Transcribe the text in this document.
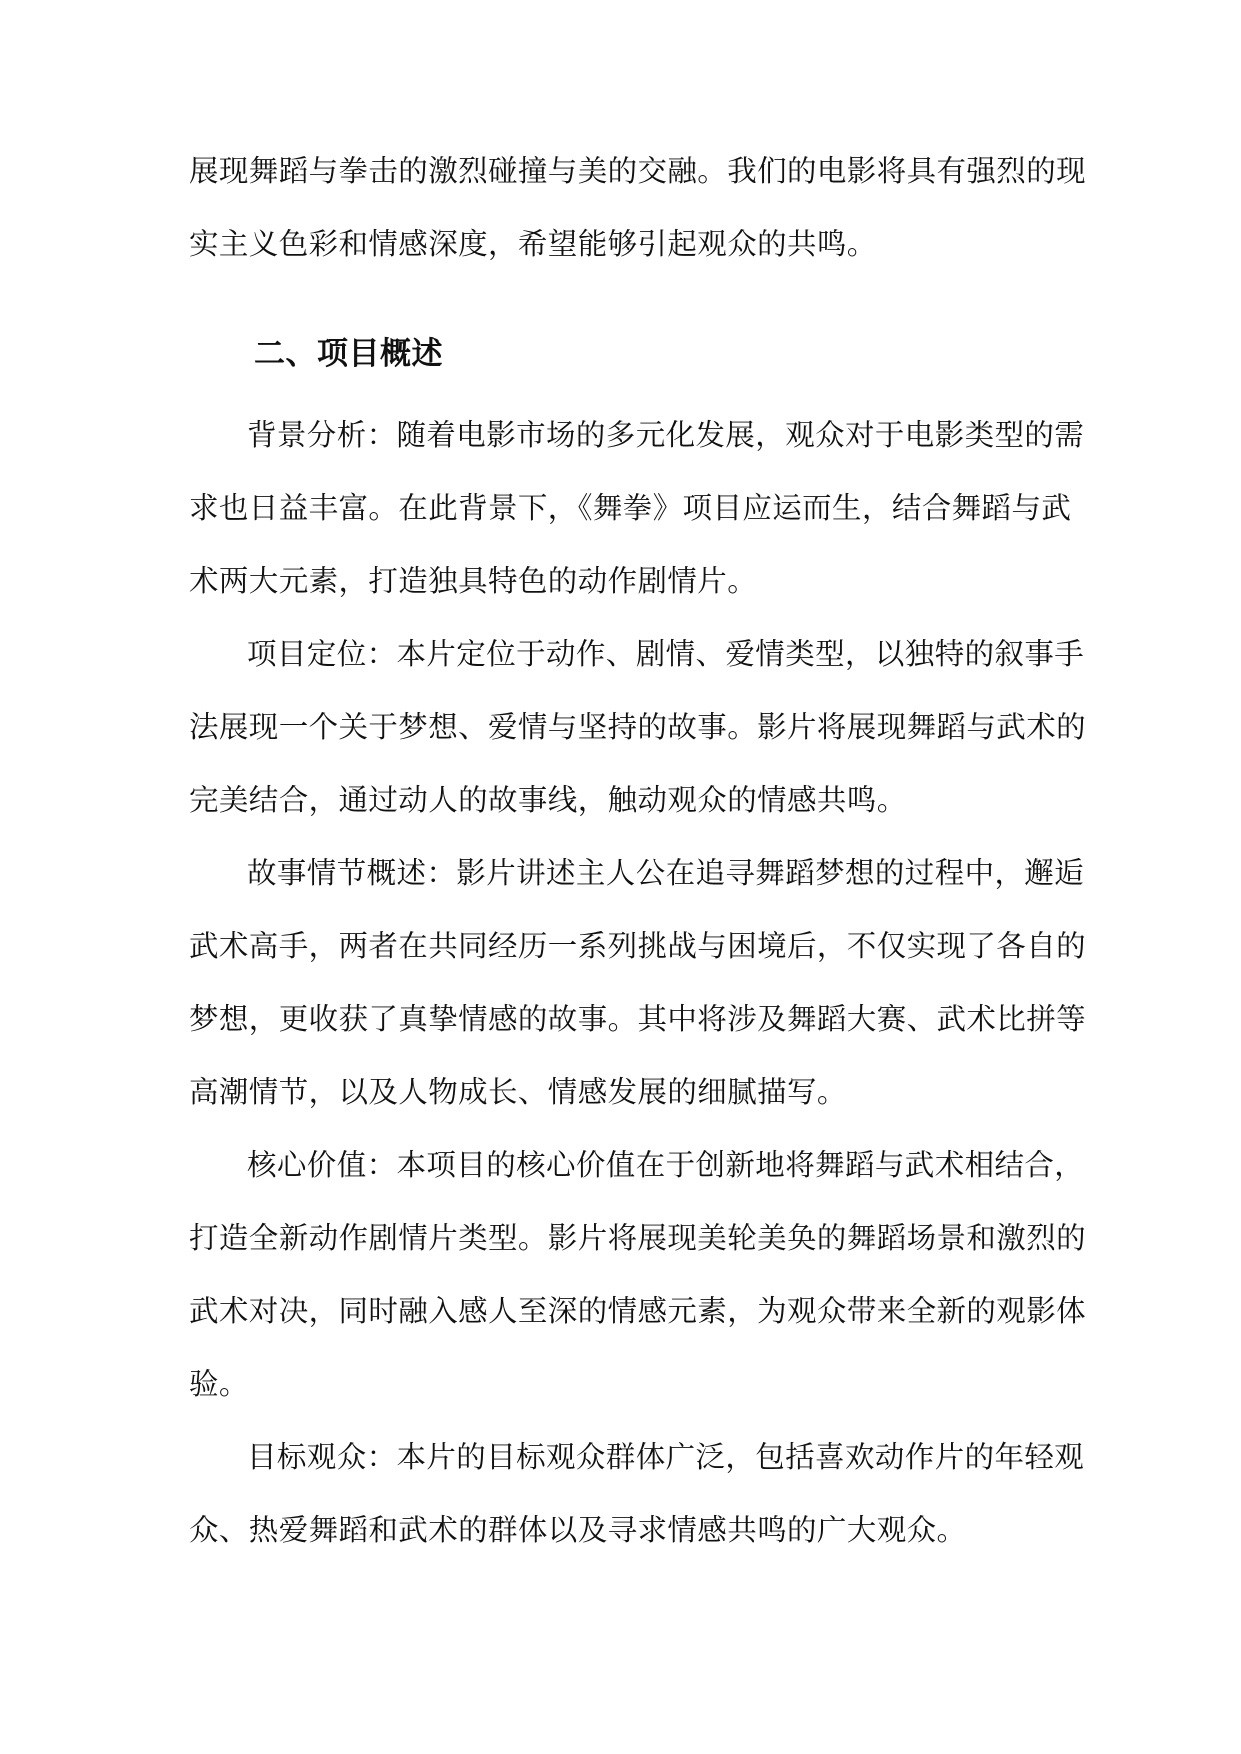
展现舞蹈与拳击的激烈碰撞与美的交融。我们的电影将具有强烈的现
实主义色彩和情感深度，希望能够引起观众的共鸣。
二、项目概述
背景分析：随着电影市场的多元化发展，观众对于电影类型的需
求也日益丰富。在此背景下，《舞拳》项目应运而生，结合舞蹈与武
术两大元素，打造独具特色的动作剧情片。
项目定位：本片定位于动作、剧情、爱情类型，以独特的叙事手
法展现一个关于梦想、爱情与坚持的故事。影片将展现舞蹈与武术的
完美结合，通过动人的故事线，触动观众的情感共鸣。
故事情节概述：影片讲述主人公在追寻舞蹈梦想的过程中，邂逅
武术高手，两者在共同经历一系列挑战与困境后，不仅实现了各自的
梦想，更收获了真挚情感的故事。其中将涉及舞蹈大赛、武术比拼等
高潮情节，以及人物成长、情感发展的细腻描写。
核心价值：本项目的核心价值在于创新地将舞蹈与武术相结合，
打造全新动作剧情片类型。影片将展现美轮美奂的舞蹈场景和激烈的
武术对决，同时融入感人至深的情感元素，为观众带来全新的观影体
验。
目标观众：本片的目标观众群体广泛，包括喜欢动作片的年轻观
众、热爱舞蹈和武术的群体以及寻求情感共鸣的广大观众。
